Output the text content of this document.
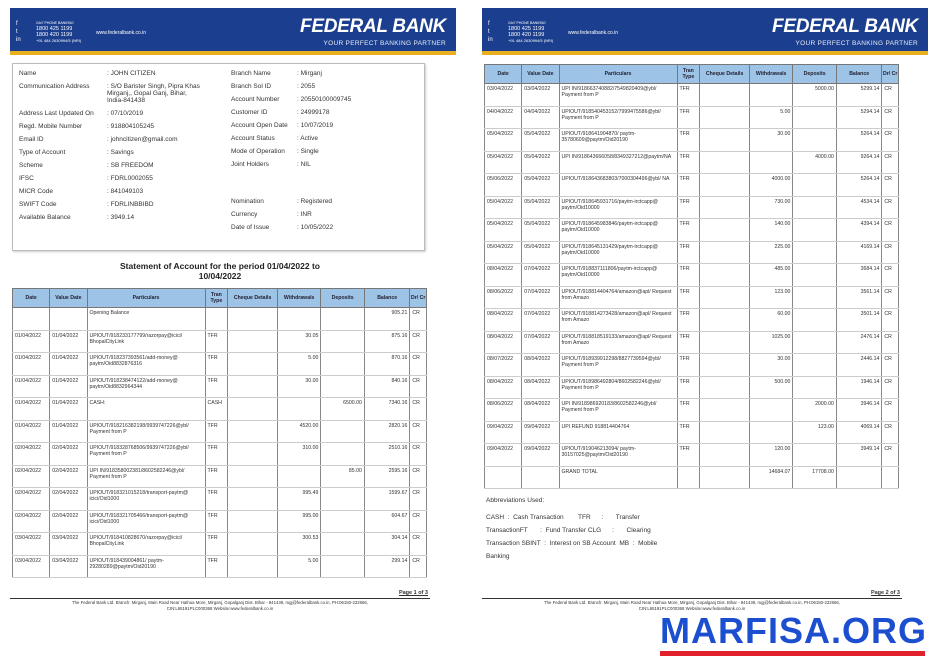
f
t
in
24x7 PHONE BANKING
1800 425 1199
1800 420 1199
+91 484 2630994/5 (NRI)
www.federalbank.co.in	FEDERAL BANK
YOUR PERFECT BANKING PARTNER
Name	: JOHN CITIZEN
Communication Address	: S/O Barister Singh, Pipra Khas
Mirganj,, Gopal Ganj, Bihar,
India-841438
Address Last Updated On	: 07/10/2019
Regd. Mobile Number	: 918804105245
Email ID	: johncitizen@gmail.com
Type of Account	: Savings
Scheme	: SB FREEDOM
IFSC	: FDRL0002055
MICR Code	: 841049103
SWIFT Code	: FDRLINBBIBD
Available Balance	: 3949.14
Branch Name	: Mirganj
Branch Sol ID	: 2055
Account Number	: 20550100009745
Customer ID	: 24999178
Account Open Date	: 10/07/2019
Account Status	: Active
Mode of Operation	: Single
Joint Holders	: NIL
Nomination	: Registered
Currency	: INR
Date of Issue	: 10/05/2022
Statement of Account for the period 01/04/2022 to 10/04/2022
Date	Value Date	Particulars	Tran Type	Cheque Details	Withdrawals	Deposits	Balance	Dr/ Cr
		Opening Balance					905.21	CR
01/04/2022	01/04/2022	UPIOUT/918233177799/razorpay@icici/ BhopalCityLink	TFR		30.05		875.16	CR
01/04/2022	01/04/2022	UPIOUT/918237393561/add-money@ paytm/Oid8832876316	TFR		5.00		870.16	CR
01/04/2022	01/04/2022	UPIOUT/918238474122/add-money@ paytm/Oid8832964344	TFR		30.00		840.16	CR
01/04/2022	01/04/2022	CASH:	CASH			6500.00	7340.16	CR
01/04/2022	01/04/2022	UPIOUT/918216382198/9939747226@ybl/ Payment from P	TFR		4520.00		2820.16	CR
02/04/2022	02/04/2022	UPIOUT/918328768506/9939747226@ybl/ Payment from P	TFR		310.00		2510.16	CR
02/04/2022	02/04/2022	UPI IN/918358002381/8602582246@ybl/ Payment from P	TFR			85.00	2595.16	CR
02/04/2022	02/04/2022	UPIOUT/918321015218/transport-paytm@ icici/Oid1000	TFR		995.49		1599.67	CR
02/04/2022	02/04/2022	UPIOUT/918321705466/transport-paytm@ icici/Oid1000	TFR		995.00		604.67	CR
03/04/2022	03/04/2022	UPIOUT/918410828670/razorpay@icici/ BhopalCityLink	TFR		300.53		304.14	CR
03/04/2022	03/04/2022	UPIOUT/918439004861/ paytm-29280289@paytm/Oid20190	TFR		5.00		299.14	CR
Page 1 of 3
The Federal Bank Ltd. Branch: Mirganj, Main Road Near Hathua More, Mirganj, Gopalganj Dist. Bihar - 841438, mgj@federalbank.co.in, PH:06150-232666,
CIN:L65191PLC000368 Website:www.federalbank.co.in
f
t
in
24x7 PHONE BANKING
1800 425 1199
1800 420 1199
+91 484 2630994/5 (NRI)
www.federalbank.co.in	FEDERAL BANK
YOUR PERFECT BANKING PARTNER
Date	Value Date	Particulars	Tran Type	Cheque Details	Withdrawals	Deposits	Balance	Dr/ Cr
03/04/2022	03/04/2022	UPI IN/918663740882/7549820409@ybl/ Payment from P	TFR			5000.00	5299.14	CR
04/04/2022	04/04/2022	UPIOUT/918540453152/7999475586@ybl/ Payment from P	TFR		5.00		5294.14	CR
05/04/2022	05/04/2022	UPIOUT/918641904870/ paytm-35780609@paytm/Oid20190	TFR		30.00		5264.14	CR
05/04/2022	05/04/2022	UPI IN/918643666058/8349327212@paytm/NA	TFR			4000.00	9264.14	CR
05/06/2022	05/04/2022	UPIOUT/918643683803/7000304496@ybl/ NA	TFR		4000.00		5264.14	CR
05/04/2022	05/04/2022	UPIOUT/918645931716/paytm-irctcapp@ paytm/Oid10000	TFR		730.00		4534.14	CR
05/04/2022	05/04/2022	UPIOUT/918645983846/paytm-irctcapp@ paytm/Oid10000	TFR		140.00		4394.14	CR
05/04/2022	05/04/2022	UPIOUT/918645131429/paytm-irctcapp@ paytm/Oid10000	TFR		225.00		4169.14	CR
08/04/2022	07/04/2022	UPIOUT/918837111806/paytm-irctcapp@ paytm/Oid10000	TFR		485.00		3684.14	CR
08/06/2022	07/04/2022	UPIOUT/918814404764/amazon@apl/ Request from Amazo	TFR		123.00		3561.14	CR
08/04/2022	07/04/2022	UPIOUT/918814273428/amazon@apl/ Request from Amazo	TFR		60.00		3501.14	CR
08/04/2022	07/04/2022	UPIOUT/918818519133/amazon@apl/ Request from Amazo	TFR		1025.00		2476.14	CR
08/07/2022	08/04/2022	UPIOUT/918939912298/8827739594@ybl/ Payment from P	TFR		30.00		2446.14	CR
08/04/2022	08/04/2022	UPIOUT/918986492804/8602582246@ybl/ Payment from P	TFR		500.00		1946.14	CR
08/06/2022	08/04/2022	UPI IN/918986920183/8602582246@ybl/ Payment from P	TFR			2000.00	3946.14	CR
09/04/2022	09/04/2022	UPI REFUND 918814404764	TFR			123.00	4069.14	CR
09/04/2022	09/04/2022	UPIOUT/919046213094/ paytm-30157025@paytm/Oid20190	TFR		120.00		3949.14	CR
		GRAND TOTAL			14684.07	17708.00		
Abbreviations Used:
CASH  :  Cash Transaction        TFR      :       Transfer
TransactionFT       :  Fund Transfer CLG      :       Clearing
Transaction SBINT  :  Interest on SB Account  MB  :  Mobile
Banking
Page 2 of 3
The Federal Bank Ltd. Branch: Mirganj, Main Road Near Hathua More, Mirganj, Gopalganj Dist. Bihar - 841438, mgj@federalbank.co.in, PH:06150-232666,
CIN:L65191PLC000368 Website:www.federalbank.co.in
MARFISA.ORG
